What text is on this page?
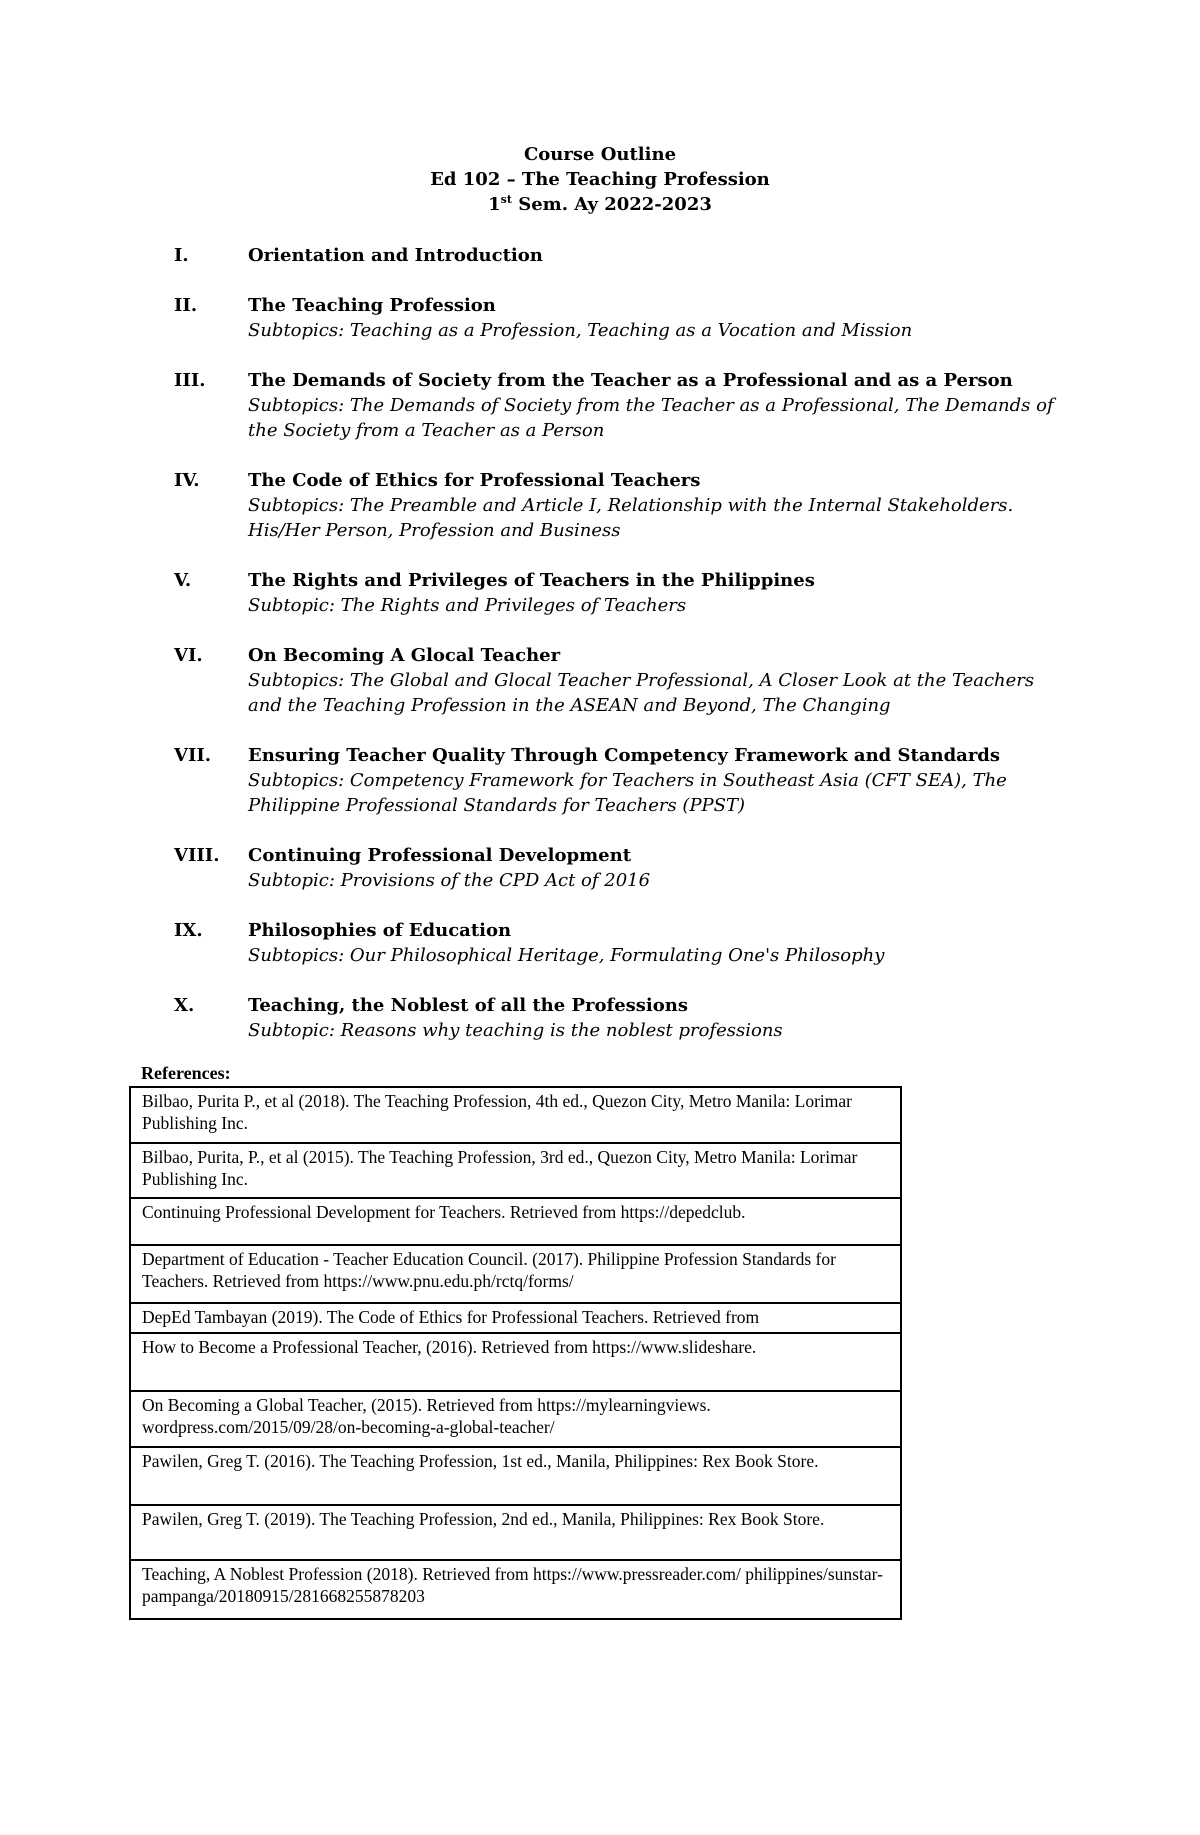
Course Outline
Ed 102 – The Teaching Profession
1st Sem. Ay 2022-2023
I.	Orientation and Introduction
II.	The Teaching Profession
Subtopics: Teaching as a Profession, Teaching as a Vocation and Mission
III. The Demands of Society from the Teacher as a Professional and as a Person
Subtopics: The Demands of Society from the Teacher as a Professional, The Demands of the Society from a Teacher as a Person
IV.	The Code of Ethics for Professional Teachers
Subtopics: The Preamble and Article I, Relationship with the Internal Stakeholders. His/Her Person, Profession and Business
V.	The Rights and Privileges of Teachers in the Philippines
Subtopic: The Rights and Privileges of Teachers
VI.	On Becoming A Glocal Teacher
Subtopics: The Global and Glocal Teacher Professional, A Closer Look at the Teachers and the Teaching Profession in the ASEAN and Beyond, The Changing
VII. Ensuring Teacher Quality Through Competency Framework and Standards
Subtopics: Competency Framework for Teachers in Southeast Asia (CFT SEA), The Philippine Professional Standards for Teachers (PPST)
VIII. Continuing Professional Development
Subtopic: Provisions of the CPD Act of 2016
IX.	Philosophies of Education
Subtopics: Our Philosophical Heritage, Formulating One's Philosophy
X.	Teaching, the Noblest of all the Professions
Subtopic: Reasons why teaching is the noblest professions
References:
Bilbao, Purita P., et al (2018). The Teaching Profession, 4th ed., Quezon City, Metro Manila: Lorimar Publishing Inc.
Bilbao, Purita, P., et al (2015). The Teaching Profession, 3rd ed., Quezon City, Metro Manila: Lorimar Publishing Inc.
Continuing Professional Development for Teachers. Retrieved from https://depedclub.
Department of Education - Teacher Education Council. (2017). Philippine Profession Standards for Teachers. Retrieved from https://www.pnu.edu.ph/rctq/forms/
DepEd Tambayan (2019). The Code of Ethics for Professional Teachers. Retrieved from
How to Become a Professional Teacher, (2016). Retrieved from https://www.slideshare.
On Becoming a Global Teacher, (2015). Retrieved from https://mylearningviews. wordpress.com/2015/09/28/on-becoming-a-global-teacher/
Pawilen, Greg T. (2016). The Teaching Profession, 1st ed., Manila, Philippines: Rex Book Store.
Pawilen, Greg T. (2019). The Teaching Profession, 2nd ed., Manila, Philippines: Rex Book Store.
Teaching, A Noblest Profession (2018). Retrieved from https://www.pressreader.com/ philippines/sunstar-pampanga/20180915/281668255878203
